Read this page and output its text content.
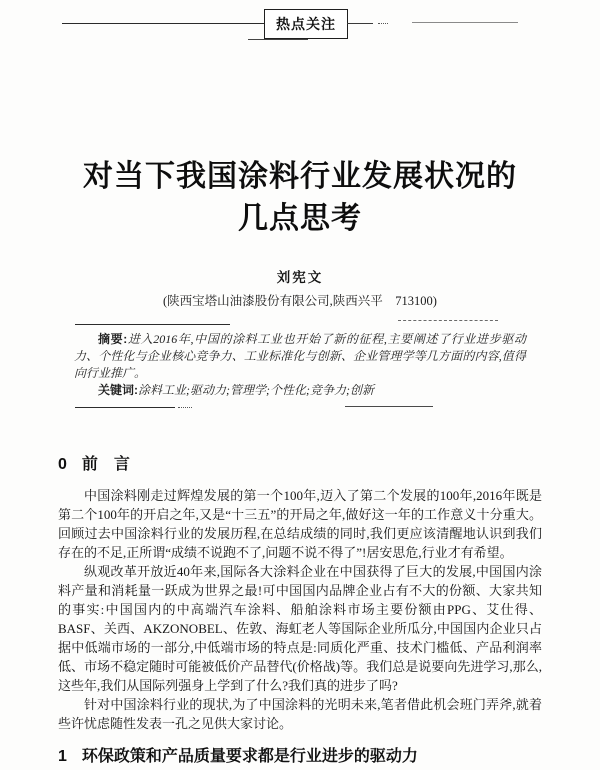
热点关注
对当下我国涂料行业发展状况的
几点思考
刘宪文
(陕西宝塔山油漆股份有限公司,陕西兴平　713100)

摘要:进入2016年,中国的涂料工业也开始了新的征程,主要阐述了行业进步驱动力、个性化与企业核心竞争力、工业标准化与创新、企业管理学等几方面的内容,值得向行业推广。

关键词:涂料工业;驱动力;管理学;个性化;竞争力;创新

0 前　言

中国涂料刚走过辉煌发展的第一个100年,迈入了第二个发展的100年,2016年既是第二个100年的开启之年,又是“十三五”的开局之年,做好这一年的工作意义十分重大。回顾过去中国涂料行业的发展历程,在总结成绩的同时,我们更应该清醒地认识到我们存在的不足,正所谓“成绩不说跑不了,问题不说不得了”!居安思危,行业才有希望。

纵观改革开放近40年来,国际各大涂料企业在中国获得了巨大的发展,中国国内涂料产量和消耗量一跃成为世界之最!可中国国内品牌企业占有不大的份额、大家共知的事实:中国国内的中高端汽车涂料、船舶涂料市场主要份额由PPG、艾仕得、BASF、关西、AKZONOBEL、佐敦、海虹老人等国际企业所瓜分,中国国内企业只占据中低端市场的一部分,中低端市场的特点是:同质化严重、技术门槛低、产品利润率低、市场不稳定随时可能被低价产品替代(价格战)等。我们总是说要向先进学习,那么,这些年,我们从国际列强身上学到了什么?我们真的进步了吗?

针对中国涂料行业的现状,为了中国涂料的光明未来,笔者借此机会班门弄斧,就着些许忧虑随性发表一孔之见供大家讨论。

1 环保政策和产品质量要求都是行业进步的驱动力
